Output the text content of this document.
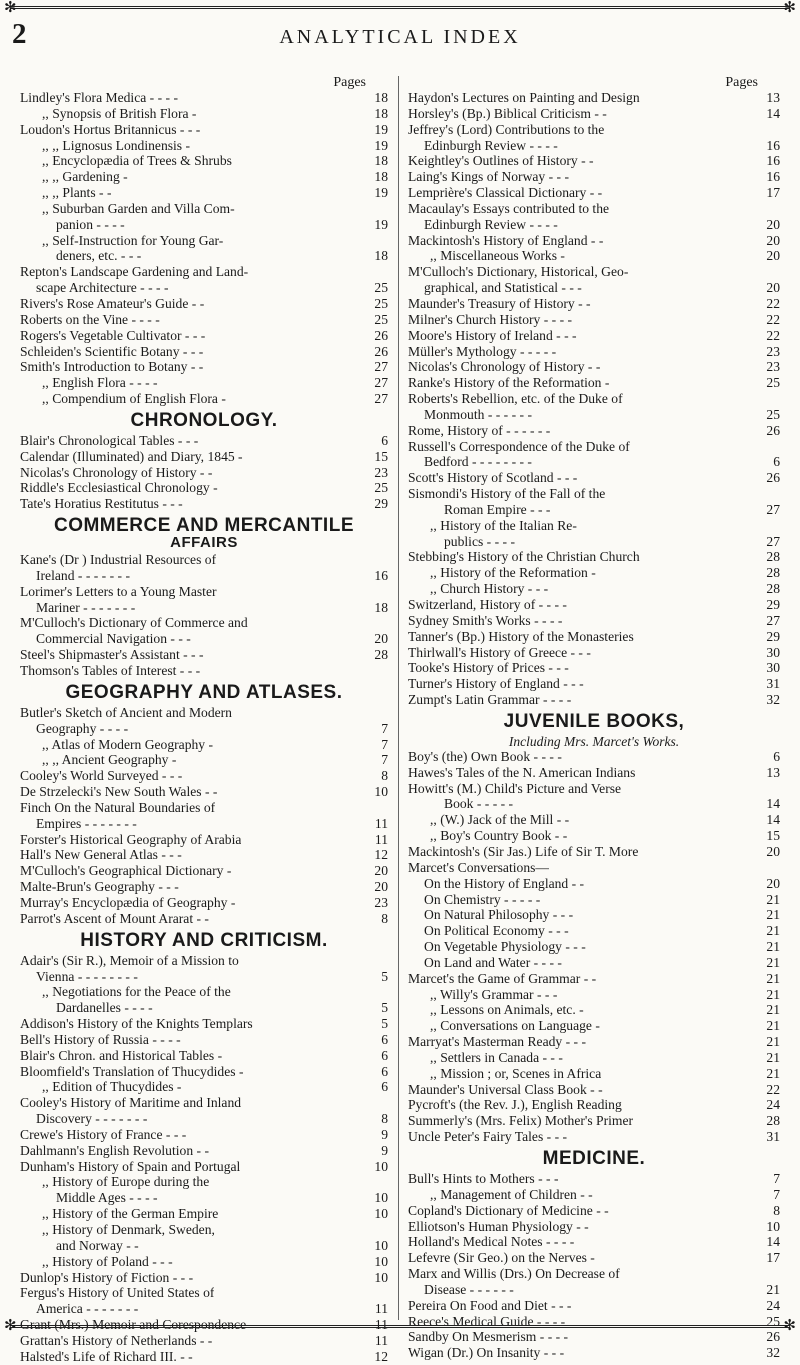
✻	✻
2	ANALYTICAL INDEX
Pages
Lindley's Flora Medica - - - -	18
,, Synopsis of British Flora -	18
Loudon's Hortus Britannicus - - -	19
,, ,, Lignosus Londinensis -	19
,, Encyclopædia of Trees & Shrubs	18
,, ,, Gardening -	18
,, ,, Plants - -	19
,, Suburban Garden and Villa Com-
panion - - - -	19
,, Self-Instruction for Young Gar-
deners, etc. - - -	18
Repton's Landscape Gardening and Land-
scape Architecture - - - -	25
Rivers's Rose Amateur's Guide - -	25
Roberts on the Vine - - - -	25
Rogers's Vegetable Cultivator - - -	26
Schleiden's Scientific Botany - - -	26
Smith's Introduction to Botany - -	27
,, English Flora - - - -	27
,, Compendium of English Flora -	27
CHRONOLOGY.
Blair's Chronological Tables - - -	6
Calendar (Illuminated) and Diary, 1845 -	15
Nicolas's Chronology of History - -	23
Riddle's Ecclesiastical Chronology -	25
Tate's Horatius Restitutus - - -	29
COMMERCE AND MERCANTILE
AFFAIRS
Kane's (Dr ) Industrial Resources of
Ireland - - - - - - -	16
Lorimer's Letters to a Young Master
Mariner - - - - - - -	18
M'Culloch's Dictionary of Commerce and
Commercial Navigation - - -	20
Steel's Shipmaster's Assistant - - -	28
Thomson's Tables of Interest - - -
GEOGRAPHY AND ATLASES.
Butler's Sketch of Ancient and Modern
Geography - - - -	7
,, Atlas of Modern Geography -	7
,, ,, Ancient Geography -	7
Cooley's World Surveyed - - -	8
De Strzelecki's New South Wales - -	10
Finch On the Natural Boundaries of
Empires - - - - - - -	11
Forster's Historical Geography of Arabia	11
Hall's New General Atlas - - -	12
M'Culloch's Geographical Dictionary -	20
Malte-Brun's Geography - - -	20
Murray's Encyclopædia of Geography -	23
Parrot's Ascent of Mount Ararat - -	8
HISTORY AND CRITICISM.
Adair's (Sir R.), Memoir of a Mission to
Vienna - - - - - - - -	5
,, Negotiations for the Peace of the
Dardanelles - - - -	5
Addison's History of the Knights Templars	5
Bell's History of Russia - - - -	6
Blair's Chron. and Historical Tables -	6
Bloomfield's Translation of Thucydides -	6
,, Edition of Thucydides -	6
Cooley's History of Maritime and Inland
Discovery - - - - - - -	8
Crewe's History of France - - -	9
Dahlmann's English Revolution - -	9
Dunham's History of Spain and Portugal	10
,, History of Europe during the
Middle Ages - - - -	10
,, History of the German Empire	10
,, History of Denmark, Sweden,
and Norway - -	10
,, History of Poland - - -	10
Dunlop's History of Fiction - - -	10
Fergus's History of United States of
America - - - - - - -	11
Grant (Mrs.) Memoir and Corespondence	11
Grattan's History of Netherlands - -	11
Halsted's Life of Richard III. - -	12
Pages
Haydon's Lectures on Painting and Design	13
Horsley's (Bp.) Biblical Criticism - -	14
Jeffrey's (Lord) Contributions to the
Edinburgh Review - - - -	16
Keightley's Outlines of History - -	16
Laing's Kings of Norway - - -	16
Lemprière's Classical Dictionary - -	17
Macaulay's Essays contributed to the
Edinburgh Review - - - -	20
Mackintosh's History of England - -	20
,, Miscellaneous Works -	20
M'Culloch's Dictionary, Historical, Geo-
graphical, and Statistical - - -	20
Maunder's Treasury of History - -	22
Milner's Church History - - - -	22
Moore's History of Ireland - - -	22
Müller's Mythology - - - - -	23
Nicolas's Chronology of History - -	23
Ranke's History of the Reformation -	25
Roberts's Rebellion, etc. of the Duke of
Monmouth - - - - - -	25
Rome, History of - - - - - -	26
Russell's Correspondence of the Duke of
Bedford - - - - - - - -	6
Scott's History of Scotland - - -	26
Sismondi's History of the Fall of the
Roman Empire - - -	27
,, History of the Italian Re-
publics - - - -	27
Stebbing's History of the Christian Church	28
,, History of the Reformation -	28
,, Church History - - -	28
Switzerland, History of - - - -	29
Sydney Smith's Works - - - -	27
Tanner's (Bp.) History of the Monasteries	29
Thirlwall's History of Greece - - -	30
Tooke's History of Prices - - -	30
Turner's History of England - - -	31
Zumpt's Latin Grammar - - - -	32
JUVENILE BOOKS,
Including Mrs. Marcet's Works.
Boy's (the) Own Book - - - -	6
Hawes's Tales of the N. American Indians	13
Howitt's (M.) Child's Picture and Verse
Book - - - - -	14
,, (W.) Jack of the Mill - -	14
,, Boy's Country Book - -	15
Mackintosh's (Sir Jas.) Life of Sir T. More	20
Marcet's Conversations—
On the History of England - -	20
On Chemistry - - - - -	21
On Natural Philosophy - - -	21
On Political Economy - - -	21
On Vegetable Physiology - - -	21
On Land and Water - - - -	21
Marcet's the Game of Grammar - -	21
,, Willy's Grammar - - -	21
,, Lessons on Animals, etc. -	21
,, Conversations on Language -	21
Marryat's Masterman Ready - - -	21
,, Settlers in Canada - - -	21
,, Mission ; or, Scenes in Africa	21
Maunder's Universal Class Book - -	22
Pycroft's (the Rev. J.), English Reading	24
Summerly's (Mrs. Felix) Mother's Primer	28
Uncle Peter's Fairy Tales - - -	31
MEDICINE.
Bull's Hints to Mothers - - -	7
,, Management of Children - -	7
Copland's Dictionary of Medicine - -	8
Elliotson's Human Physiology - -	10
Holland's Medical Notes - - - -	14
Lefevre (Sir Geo.) on the Nerves -	17
Marx and Willis (Drs.) On Decrease of
Disease - - - - - -	21
Pereira On Food and Diet - - -	24
Reece's Medical Guide - - - -	25
Sandby On Mesmerism - - - -	26
Wigan (Dr.) On Insanity - - -	32
✻	✻
